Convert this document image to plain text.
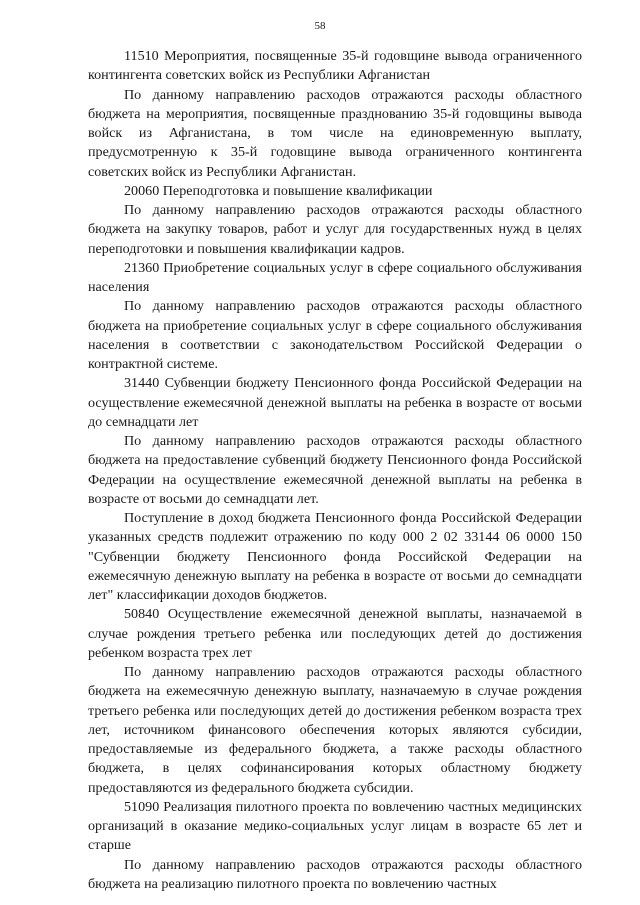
58

11510 Мероприятия, посвященные 35-й годовщине вывода ограниченного контингента советских войск из Республики Афганистан

По данному направлению расходов отражаются расходы областного бюджета на мероприятия, посвященные празднованию 35-й годовщины вывода войск из Афганистана, в том числе на единовременную выплату, предусмотренную к 35-й годовщине вывода ограниченного контингента советских войск из Республики Афганистан.

20060 Переподготовка и повышение квалификации

По данному направлению расходов отражаются расходы областного бюджета на закупку товаров, работ и услуг для государственных нужд в целях переподготовки и повышения квалификации кадров.

21360 Приобретение социальных услуг в сфере социального обслуживания населения

По данному направлению расходов отражаются расходы областного бюджета на приобретение социальных услуг в сфере социального обслуживания населения в соответствии с законодательством Российской Федерации о контрактной системе.

31440 Субвенции бюджету Пенсионного фонда Российской Федерации на осуществление ежемесячной денежной выплаты на ребенка в возрасте от восьми до семнадцати лет

По данному направлению расходов отражаются расходы областного бюджета на предоставление субвенций бюджету Пенсионного фонда Российской Федерации на осуществление ежемесячной денежной выплаты на ребенка в возрасте от восьми до семнадцати лет.

Поступление в доход бюджета Пенсионного фонда Российской Федерации указанных средств подлежит отражению по коду 000 2 02 33144 06 0000 150 "Субвенции бюджету Пенсионного фонда Российской Федерации на ежемесячную денежную выплату на ребенка в возрасте от восьми до семнадцати лет" классификации доходов бюджетов.

50840 Осуществление ежемесячной денежной выплаты, назначаемой в случае рождения третьего ребенка или последующих детей до достижения ребенком возраста трех лет

По данному направлению расходов отражаются расходы областного бюджета на ежемесячную денежную выплату, назначаемую в случае рождения третьего ребенка или последующих детей до достижения ребенком возраста трех лет, источником финансового обеспечения которых являются субсидии, предоставляемые из федерального бюджета, а также расходы областного бюджета, в целях софинансирования которых областному бюджету предоставляются из федерального бюджета субсидии.

51090 Реализация пилотного проекта по вовлечению частных медицинских организаций в оказание медико-социальных услуг лицам в возрасте 65 лет и старше

По данному направлению расходов отражаются расходы областного бюджета на реализацию пилотного проекта по вовлечению частных
